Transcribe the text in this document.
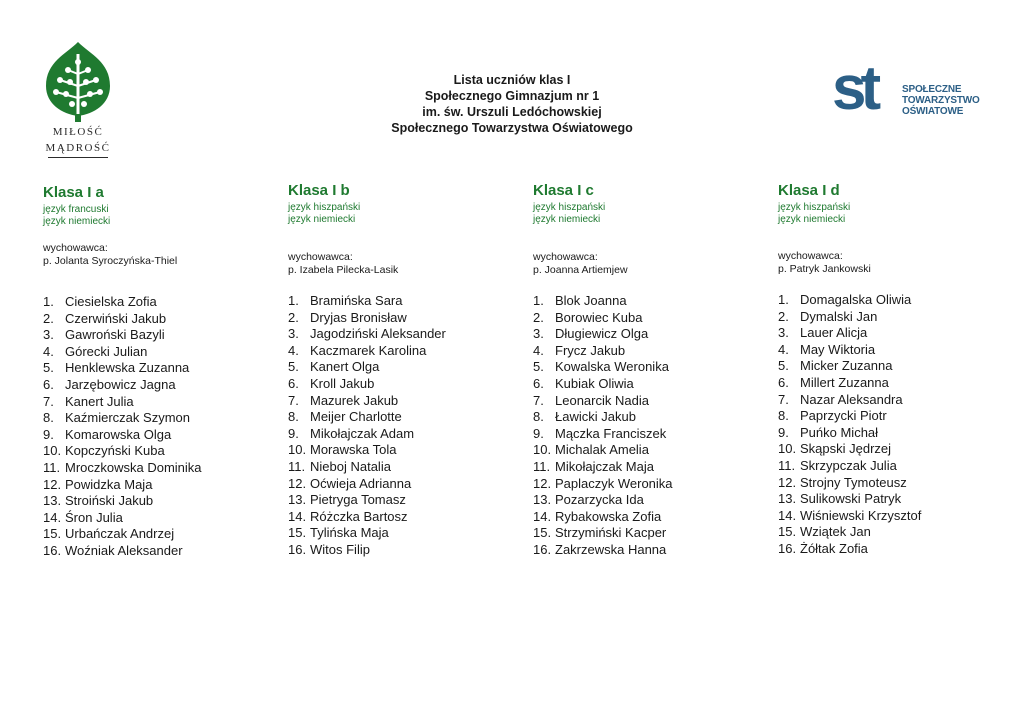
MIŁOŚĆ
MĄDROŚĆ
st	SPOŁECZNE
TOWARZYSTWO
OŚWIATOWE
Lista uczniów klas I
Społecznego Gimnazjum nr 1
im. św. Urszuli Ledóchowskiej
Społecznego Towarzystwa Oświatowego
Klasa I a
język francuski
język niemiecki
wychowawca:
p. Jolanta Syroczyńska-Thiel
1. Ciesielska Zofia
2. Czerwiński Jakub
3. Gawroński Bazyli
4. Górecki Julian
5. Henklewska Zuzanna
6. Jarzębowicz Jagna
7. Kanert Julia
8. Kaźmierczak Szymon
9. Komarowska Olga
10. Kopczyński Kuba
11. Mroczkowska Dominika
12. Powidzka Maja
13. Stroiński Jakub
14. Śron Julia
15. Urbańczak Andrzej
16. Woźniak Aleksander
Klasa I b
język hiszpański
język niemiecki
wychowawca:
p. Izabela Pilecka-Lasik
1. Bramińska Sara
2. Dryjas Bronisław
3. Jagodziński Aleksander
4. Kaczmarek Karolina
5. Kanert Olga
6. Kroll Jakub
7. Mazurek Jakub
8. Meijer Charlotte
9. Mikołajczak Adam
10. Morawska Tola
11. Nieboj Natalia
12. Oćwieja Adrianna
13. Pietryga Tomasz
14. Różczka Bartosz
15. Tylińska Maja
16. Witos Filip
Klasa I c
język hiszpański
język niemiecki
wychowawca:
p. Joanna Artiemjew
1. Blok Joanna
2. Borowiec Kuba
3. Długiewicz Olga
4. Frycz Jakub
5. Kowalska Weronika
6. Kubiak Oliwia
7. Leonarcik Nadia
8. Ławicki Jakub
9. Mączka Franciszek
10. Michalak Amelia
11. Mikołajczak Maja
12. Paplaczyk Weronika
13. Pozarzycka Ida
14. Rybakowska Zofia
15. Strzymiński Kacper
16. Zakrzewska Hanna
Klasa I d
język hiszpański
język niemiecki
wychowawca:
p. Patryk Jankowski
1. Domagalska Oliwia
2. Dymalski Jan
3. Lauer Alicja
4. May Wiktoria
5. Micker Zuzanna
6. Millert Zuzanna
7. Nazar Aleksandra
8. Paprzycki Piotr
9. Puńko Michał
10. Skąpski Jędrzej
11. Skrzypczak Julia
12. Strojny Tymoteusz
13. Sulikowski Patryk
14. Wiśniewski Krzysztof
15. Wziątek Jan
16. Żółtak Zofia
